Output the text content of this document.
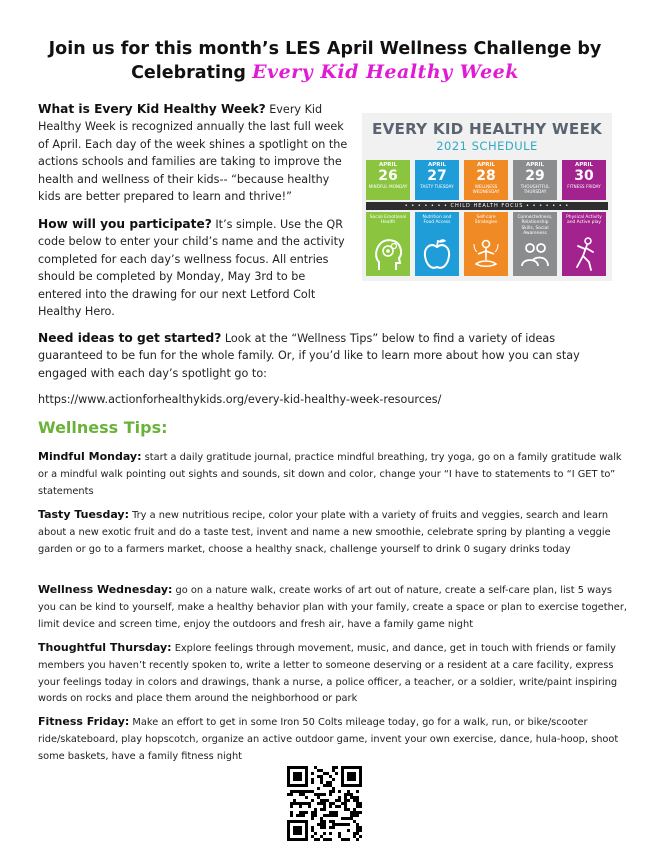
Join us for this month’s LES April Wellness Challenge by
Celebrating Every Kid Healthy Week
What is Every Kid Healthy Week? Every Kid Healthy Week is recognized annually the last full week of April. Each day of the week shines a spotlight on the actions schools and families are taking to improve the health and wellness of their kids-- “because healthy kids are better prepared to learn and thrive!”
How will you participate? It’s simple. Use the QR code below to enter your child’s name and the activity completed for each day’s wellness focus. All entries should be completed by Monday, May 3rd to be entered into the drawing for our next Letford Colt Healthy Hero.
EVERY KID HEALTHY WEEK
2021 SCHEDULE
APRIL
26
MINDFUL MONDAY
APRIL
27
TASTY TUESDAY
APRIL
28
WELLNESS WEDNESDAY
APRIL
29
THOUGHTFUL THURSDAY
APRIL
30
FITNESS FRIDAY
• • • • • • • CHILD HEALTH FOCUS • • • • • • •
Social Emotional Health
Nutrition and Food Access
Self-care Strategies
Connectedness, Relationship Skills, Social Awareness
Physical Activity and Active play
Need ideas to get started? Look at the “Wellness Tips” below to find a variety of ideas guaranteed to be fun for the whole family. Or, if you’d like to learn more about how you can stay engaged with each day’s spotlight go to:
https://www.actionforhealthykids.org/every-kid-healthy-week-resources/
Wellness Tips:
Mindful Monday: start a daily gratitude journal, practice mindful breathing, try yoga, go on a family gratitude walk or a mindful walk pointing out sights and sounds, sit down and color, change your “I have to statements to “I GET to” statements
Tasty Tuesday: Try a new nutritious recipe, color your plate with a variety of fruits and veggies, search and learn about a new exotic fruit and do a taste test, invent and name a new smoothie, celebrate spring by planting a veggie garden or go to a farmers market, choose a healthy snack, challenge yourself to drink 0 sugary drinks today
Wellness Wednesday: go on a nature walk, create works of art out of nature, create a self-care plan, list 5 ways you can be kind to yourself, make a healthy behavior plan with your family, create a space or plan to exercise together, limit device and screen time, enjoy the outdoors and fresh air, have a family game night
Thoughtful Thursday: Explore feelings through movement, music, and dance, get in touch with friends or family members you haven’t recently spoken to, write a letter to someone deserving or a resident at a care facility, express your feelings today in colors and drawings, thank a nurse, a police officer, a teacher, or a soldier, write/paint inspiring words on rocks and place them around the neighborhood or park
Fitness Friday: Make an effort to get in some Iron 50 Colts mileage today, go for a walk, run, or bike/scooter ride/skateboard, play hopscotch, organize an active outdoor game, invent your own exercise, dance, hula-hoop, shoot some baskets, have a family fitness night
